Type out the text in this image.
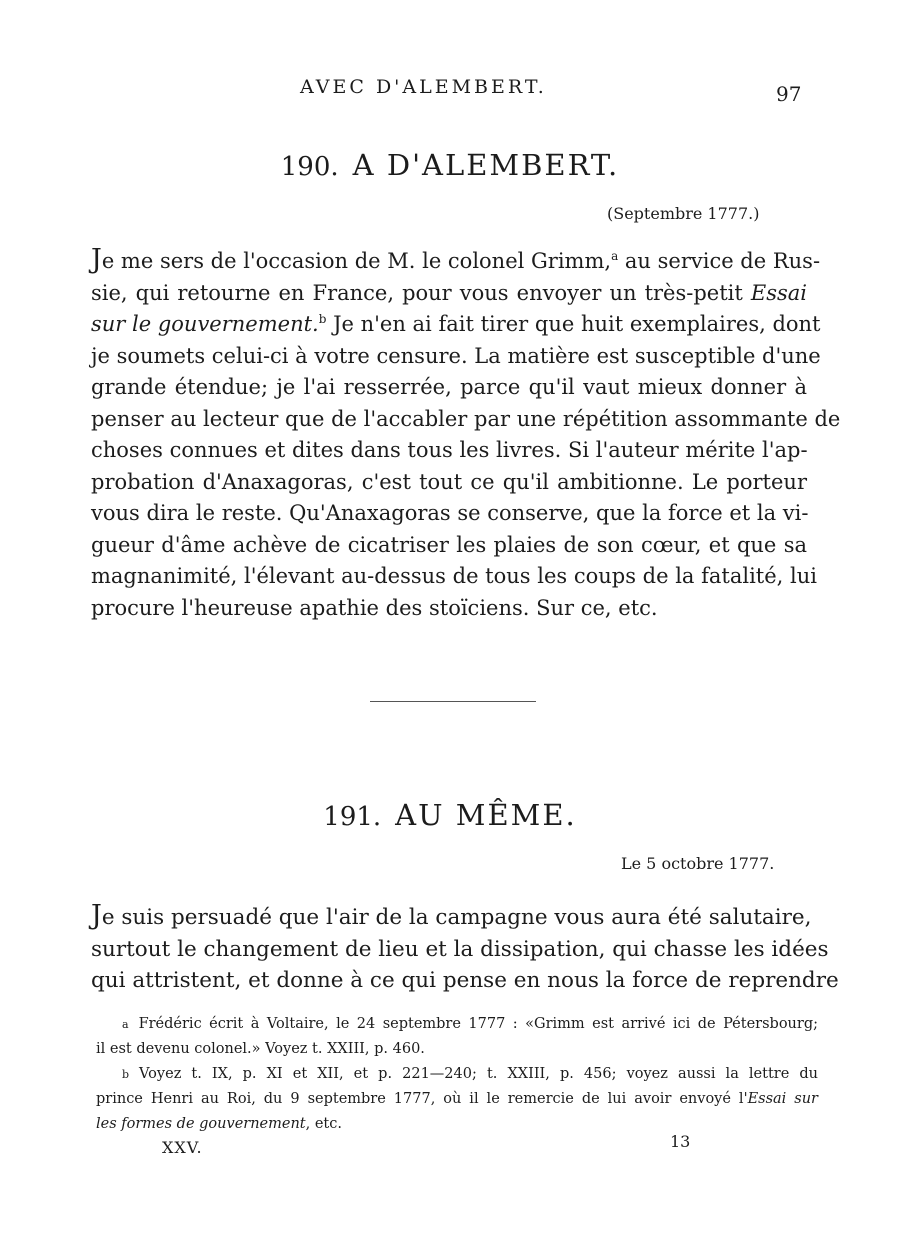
AVEC D'ALEMBERT.	97
190. A D'ALEMBERT.
(Septembre 1777.)
Je me sers de l'occasion de M. le colonel Grimm,$^a$ au service de Rus-
sie, qui retourne en France, pour vous envoyer un très-petit Essai
sur le gouvernement.$^b$ Je n'en ai fait tirer que huit exemplaires, dont
je soumets celui-ci à votre censure. La matière est susceptible d'une
grande étendue; je l'ai resserrée, parce qu'il vaut mieux donner à
penser au lecteur que de l'accabler par une répétition assommante de
choses connues et dites dans tous les livres. Si l'auteur mérite l'ap-
probation d'Anaxagoras, c'est tout ce qu'il ambitionne. Le porteur
vous dira le reste. Qu'Anaxagoras se conserve, que la force et la vi-
gueur d'âme achève de cicatriser les plaies de son cœur, et que sa
magnanimité, l'élevant au-dessus de tous les coups de la fatalité, lui
procure l'heureuse apathie des stoïciens. Sur ce, etc.
191. AU MÊME.
Le 5 octobre 1777.
Je suis persuadé que l'air de la campagne vous aura été salutaire,
surtout le changement de lieu et la dissipation, qui chasse les idées
qui attristent, et donne à ce qui pense en nous la force de reprendre
a Frédéric écrit à Voltaire, le 24 septembre 1777 : «Grimm est arrivé ici de Pétersbourg;
il est devenu colonel.» Voyez t. XXIII, p. 460.
b Voyez t. IX, p. XI et XII, et p. 221—240; t. XXIII, p. 456; voyez aussi la lettre du
prince Henri au Roi, du 9 septembre 1777, où il le remercie de lui avoir envoyé l'Essai sur
les formes de gouvernement, etc.
XXV.	13
